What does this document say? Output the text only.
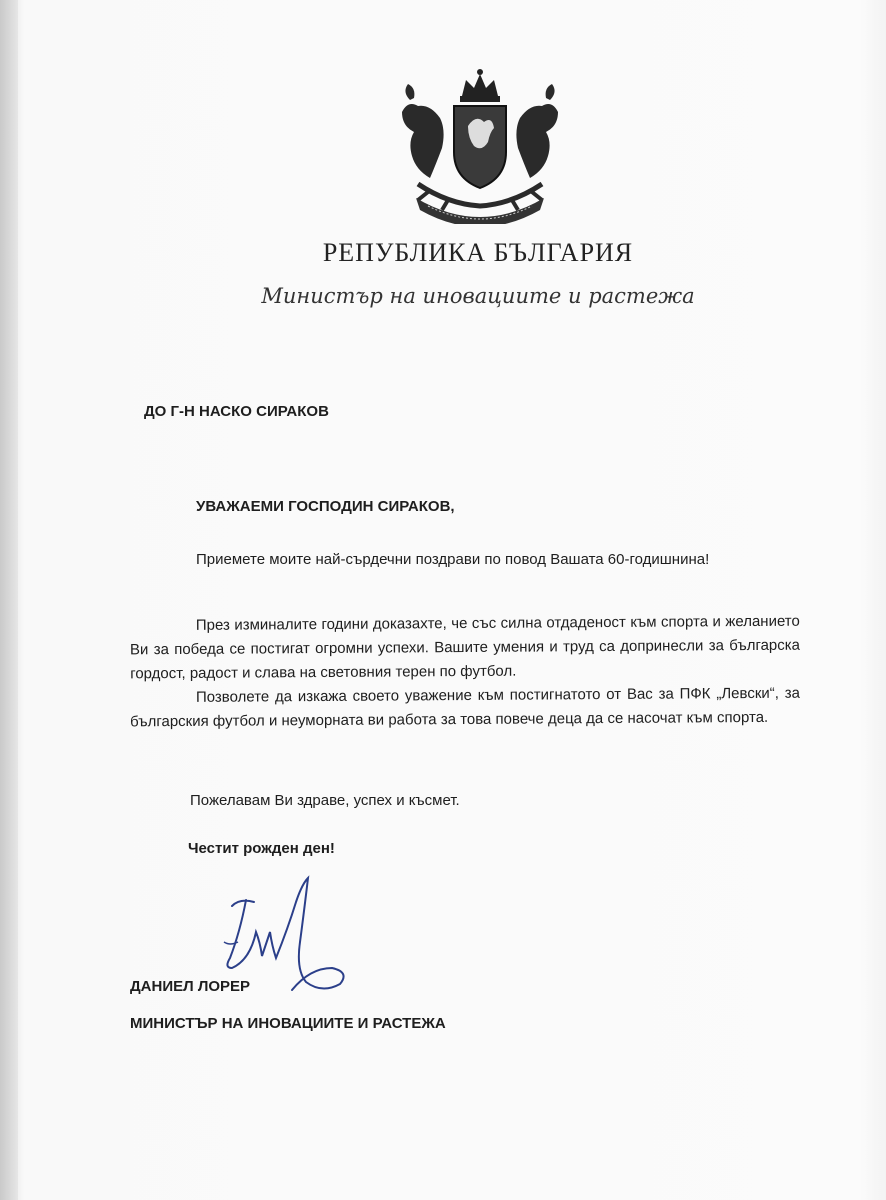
РЕПУБЛИКА БЪЛГАРИЯ
Министър на иновациите и растежа
ДО Г-Н НАСКО СИРАКОВ
УВАЖАЕМИ ГОСПОДИН СИРАКОВ,
Приемете моите най-сърдечни поздрави по повод Вашата 60-годишнина!
През изминалите години доказахте, че със силна отдаденост към спорта и желанието Ви за победа се постигат огромни успехи. Вашите умения и труд са допринесли за българска гордост, радост и слава на световния терен по футбол.
Позволете да изкажа своето уважение към постигнатото от Вас за ПФК „Левски“, за българския футбол и неуморната ви работа за това повече деца да се насочат към спорта.
Пожелавам Ви здраве, успех и късмет.
Честит рожден ден!
ДАНИЕЛ ЛОРЕР
МИНИСТЪР НА ИНОВАЦИИТЕ И РАСТЕЖА
